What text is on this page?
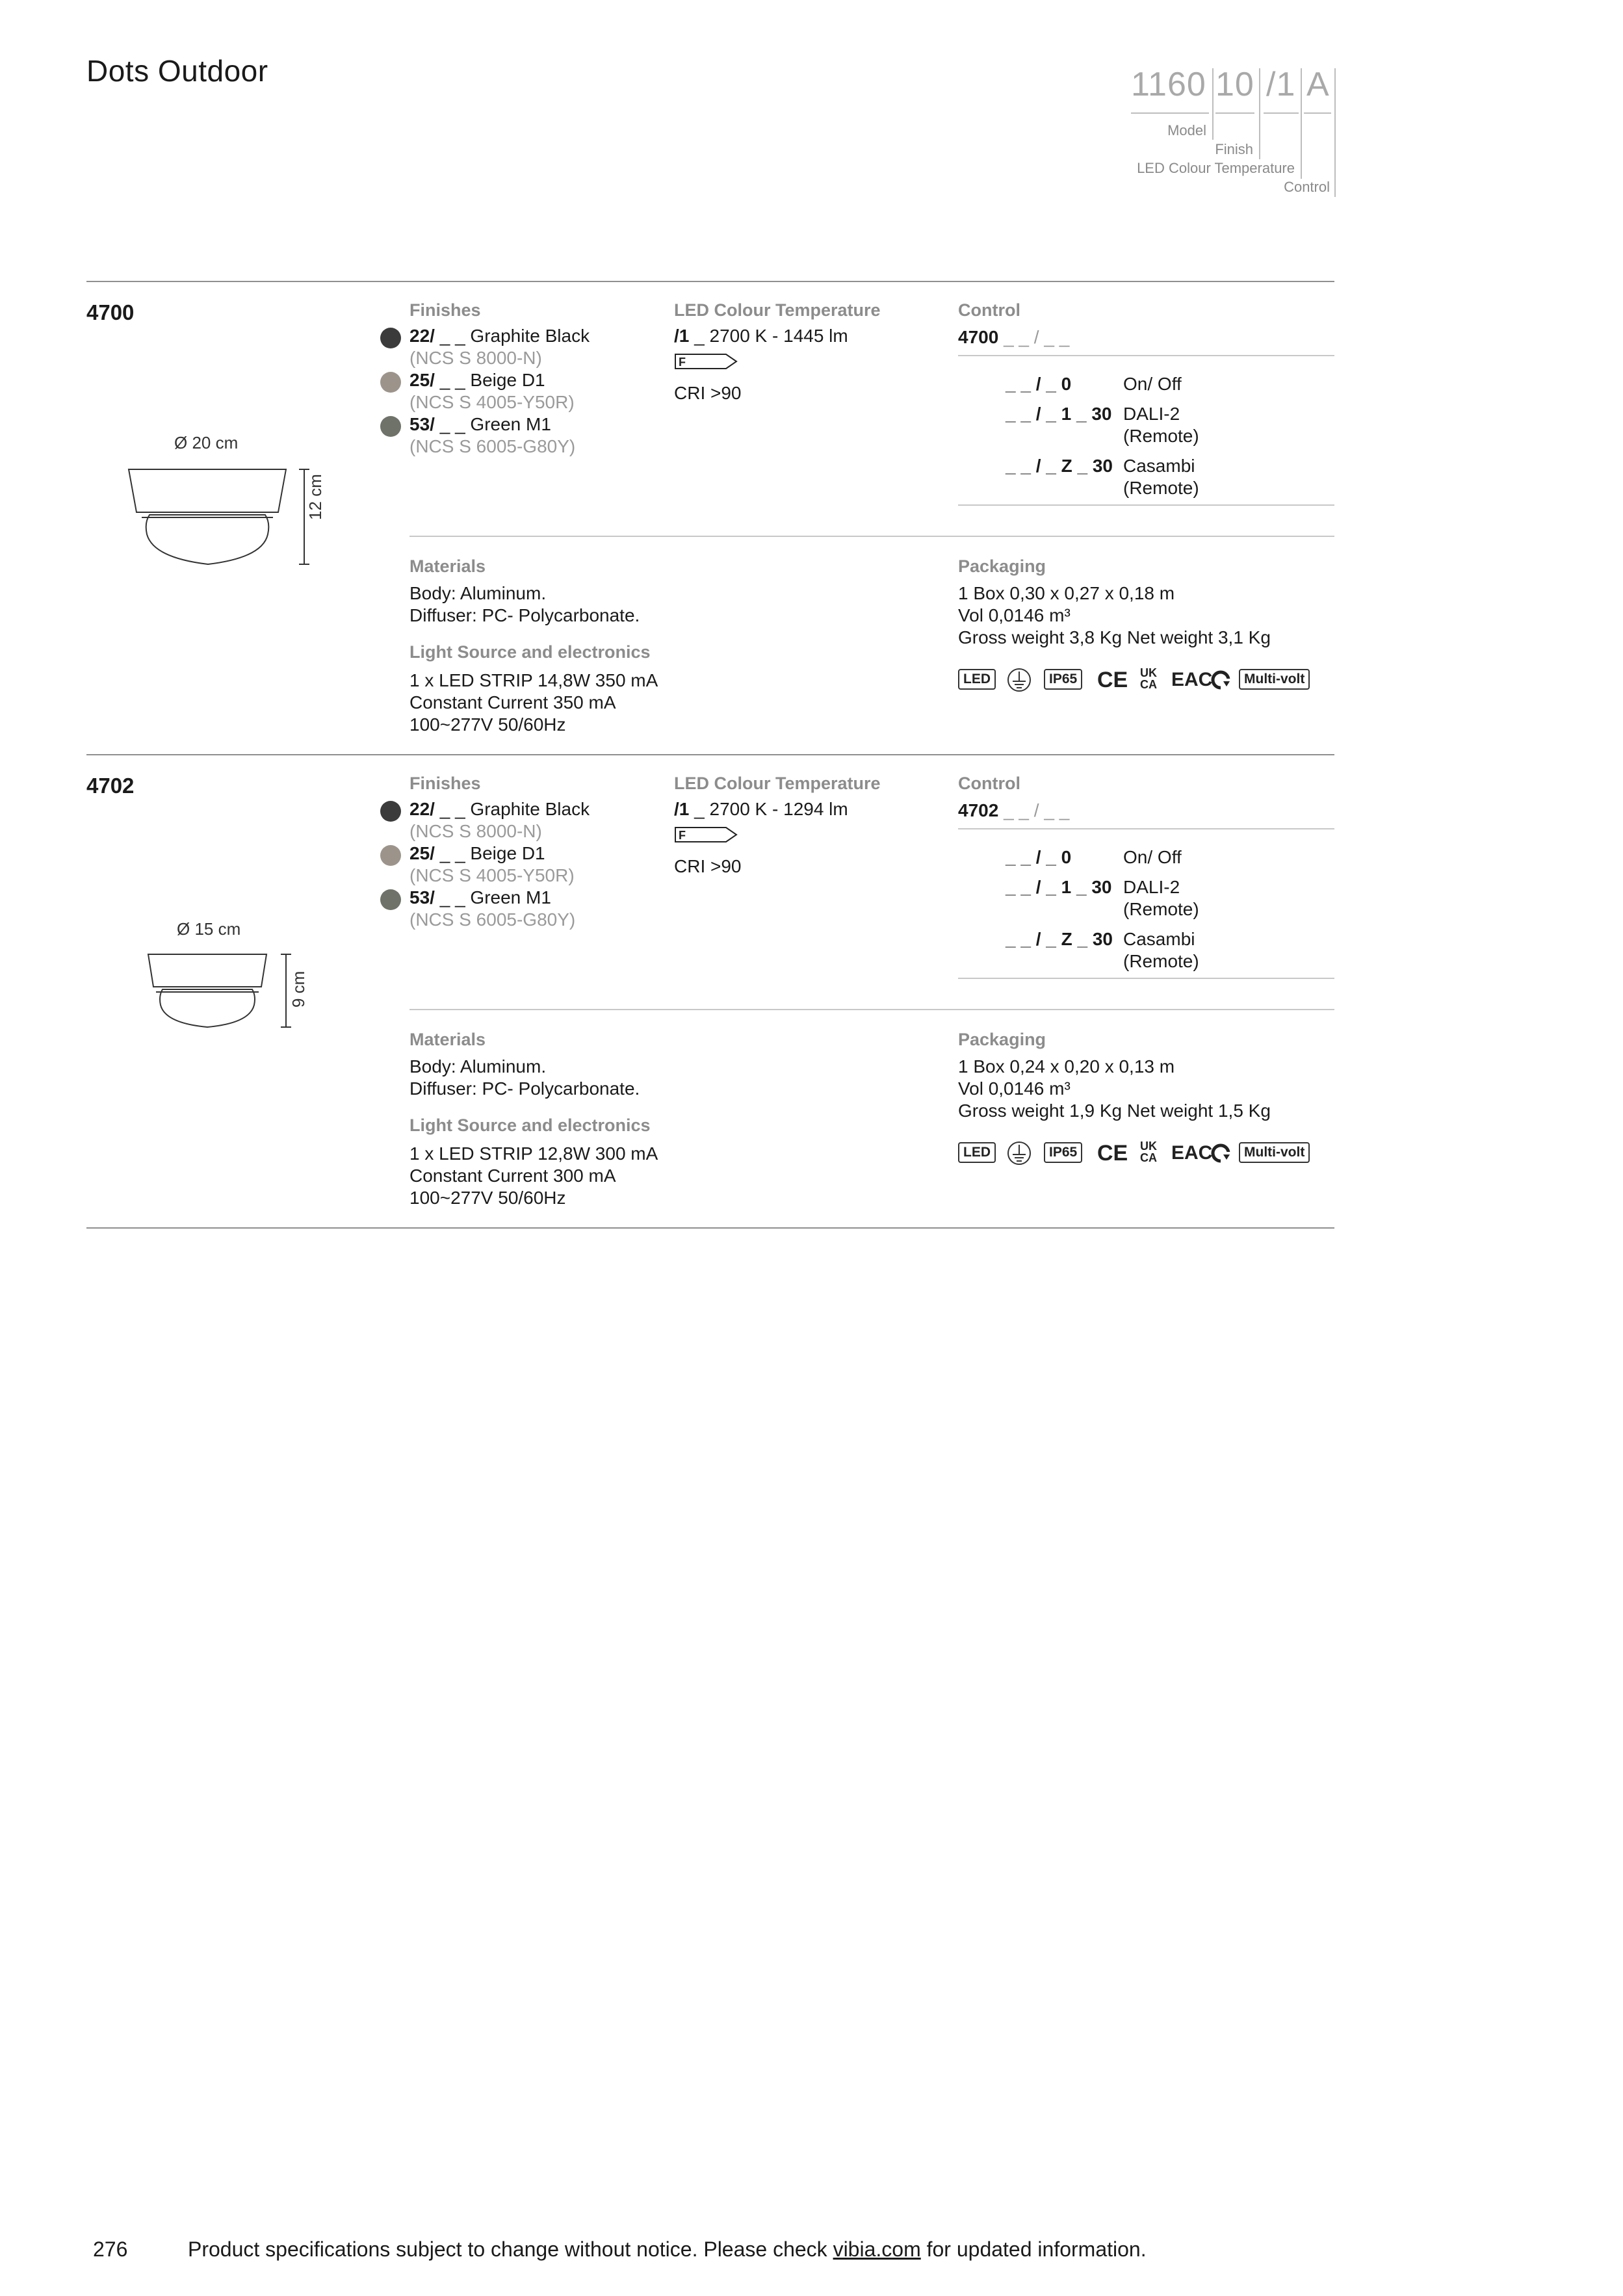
Dots Outdoor	1160 10 /1 A
Model
Finish
LED Colour Temperature
Control
4700
Ø 20 cm
12 cm
Finishes
22/ _ _ Graphite Black
(NCS S 8000-N)
25/ _ _ Beige D1
(NCS S 4005-Y50R)
53/ _ _ Green M1
(NCS S 6005-G80Y)
LED Colour Temperature
/1 _ 2700 K - 1445 lm
F
CRI >90
Control
4700 _ _ / _ _
_ _ / _ 0	On/ Off
_ _ / _ 1 _ 30 DALI-2
(Remote)
_ _ / _ Z _ 30 Casambi
(Remote)
Materials
Body: Aluminum.
Diffuser: PC- Polycarbonate.
Light Source and electronics
1 x LED STRIP 14,8W 350 mA
Constant Current 350 mA
100~277V 50/60Hz
Packaging
1 Box 0,30 x 0,27 x 0,18 m
Vol 0,0146 m³
Gross weight 3,8 Kg Net weight 3,1 Kg
LED	IP65 CE UK
CA EAC	Multi-volt
4702
Ø 15 cm
9 cm
Finishes
22/ _ _ Graphite Black
(NCS S 8000-N)
25/ _ _ Beige D1
(NCS S 4005-Y50R)
53/ _ _ Green M1
(NCS S 6005-G80Y)
LED Colour Temperature
/1 _ 2700 K - 1294 lm
F
CRI >90
Control
4702 _ _ / _ _
_ _ / _ 0	On/ Off
_ _ / _ 1 _ 30 DALI-2
(Remote)
_ _ / _ Z _ 30 Casambi
(Remote)
Materials
Body: Aluminum.
Diffuser: PC- Polycarbonate.
Light Source and electronics
1 x LED STRIP 12,8W 300 mA
Constant Current 300 mA
100~277V 50/60Hz
Packaging
1 Box 0,24 x 0,20 x 0,13 m
Vol 0,0146 m³
Gross weight 1,9 Kg Net weight 1,5 Kg
LED	IP65 CE UK
CA EAC	Multi-volt
276	Product specifications subject to change without notice. Please check vibia.com for updated information.
